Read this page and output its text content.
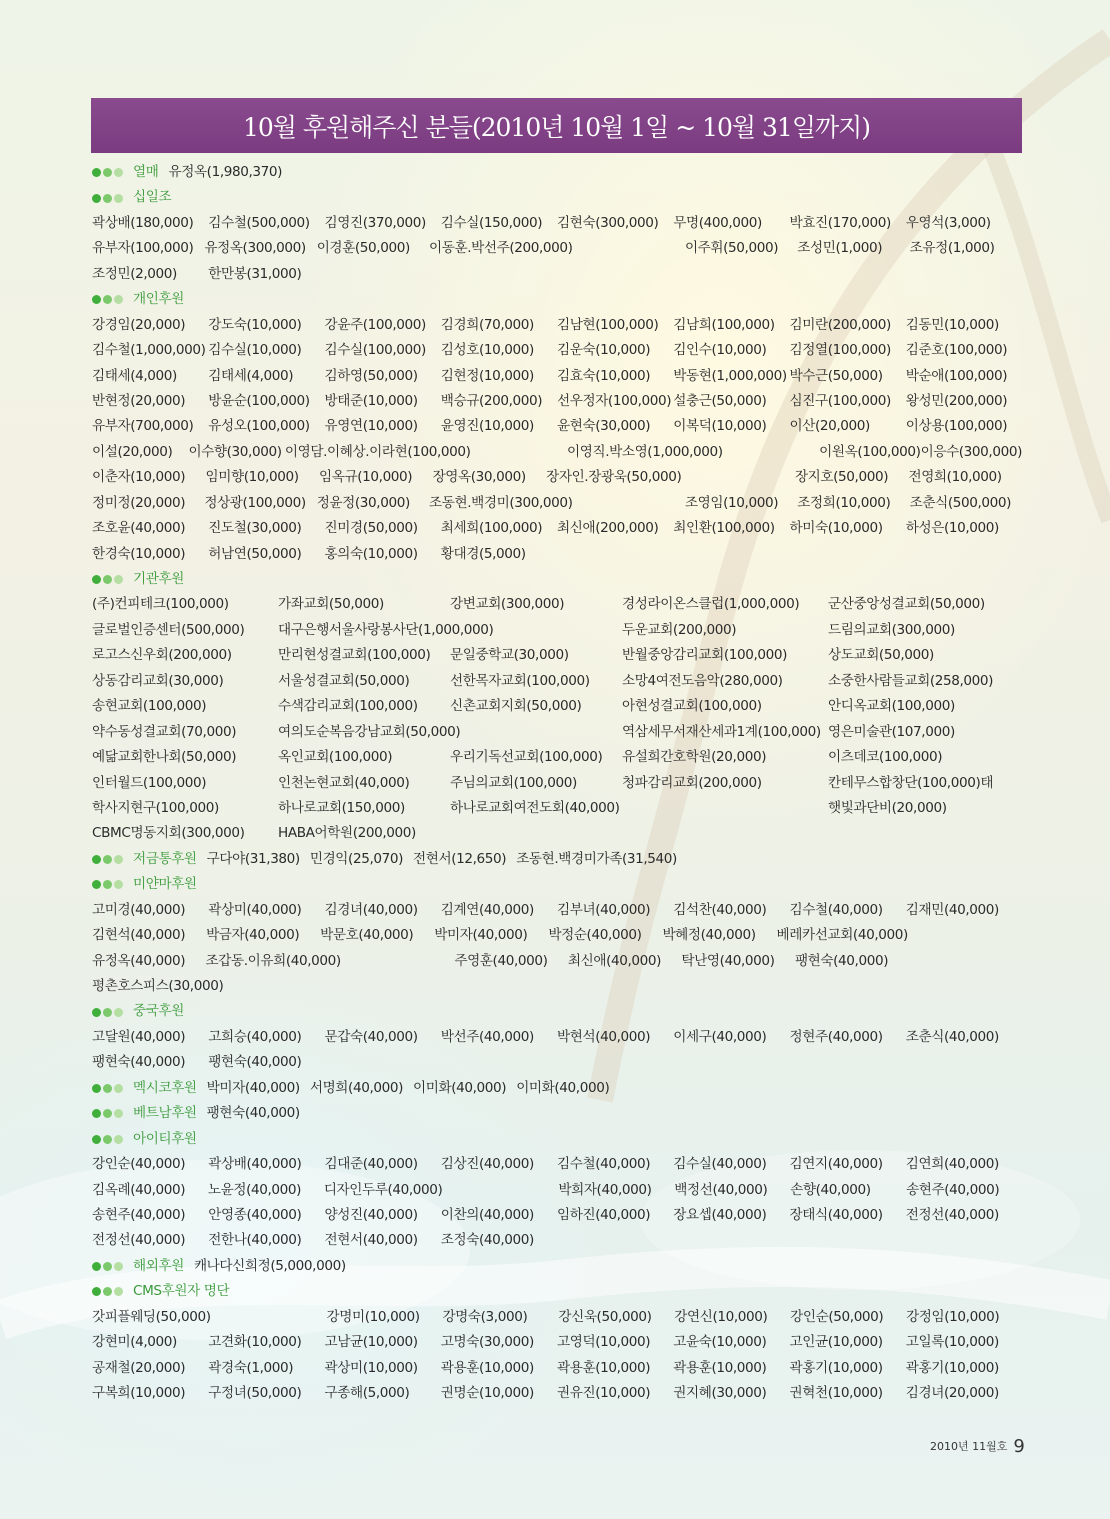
10월 후원해주신 분들(2010년 10월 1일 ~ 10월 31일까지)
열매 유정옥(1,980,370)
십일조
곽상배(180,000)	김수철(500,000)	김영진(370,000)	김수실(150,000)	김현숙(300,000)	무명(400,000)	박효진(170,000)	우영석(3,000)
유부자(100,000) 유정옥(300,000) 이경훈(50,000)	이동훈.박선주(200,000)	이주휘(50,000)	조성민(1,000)	조유정(1,000)
조정민(2,000)	한만봉(31,000)
개인후원
강경임(20,000)	강도숙(10,000)	강윤주(100,000)	김경희(70,000)	김남현(100,000)	김남희(100,000)	김미란(200,000)	김동민(10,000)
김수철(1,000,000) 김수실(10,000)	김수실(100,000)	김성호(10,000)	김운숙(10,000)	김인수(10,000)	김정열(100,000)	김준호(100,000)
김태세(4,000)	김태세(4,000)	김하영(50,000)	김현정(10,000)	김효숙(10,000)	박동현(1,000,000) 박수근(50,000)	박순애(100,000)
반현정(20,000)	방윤순(100,000)	방태준(10,000)	백승규(200,000)	선우정자(100,000) 설충근(50,000)	심진구(100,000)	왕성민(200,000)
유부자(700,000)	유성오(100,000)	유영연(10,000)	윤영진(10,000)	윤현숙(30,000)	이복덕(10,000)	이산(20,000)	이상용(100,000)
이설(20,000)	이수향(30,000) 이영담.이혜상.이라현(100,000)	이영직.박소영(1,000,000)	이원옥(100,000) 이응수(300,000)
이춘자(10,000)	임미향(10,000)	임옥규(10,000)	장영옥(30,000)	장자인.장광욱(50,000)	장지호(50,000)	전영희(10,000)
정미정(20,000)	정상광(100,000) 정윤정(30,000)	조동현.백경미(300,000)	조영임(10,000)	조정희(10,000)	조춘식(500,000)
조호윤(40,000)	진도철(30,000)	진미경(50,000)	최세희(100,000)	최신애(200,000)	최인환(100,000)	하미숙(10,000)	하성은(10,000)
한경숙(10,000)	허남연(50,000)	홍의숙(10,000)	황대경(5,000)
기관후원
(주)컨피테크(100,000)	가좌교회(50,000)	강변교회(300,000)	경성라이온스클럽(1,000,000)	군산중앙성결교회(50,000)
글로벌인증센터(500,000)	대구은행서울사랑봉사단(1,000,000)	두운교회(200,000)	드림의교회(300,000)
로고스신우회(200,000)	만리현성결교회(100,000)	문일중학교(30,000)	반월중앙감리교회(100,000)	상도교회(50,000)
상동감리교회(30,000)	서울성결교회(50,000)	선한목자교회(100,000)	소망4여전도음악(280,000)	소중한사람들교회(258,000)
송현교회(100,000)	수색감리교회(100,000)	신촌교회지회(50,000)	아현성결교회(100,000)	안디옥교회(100,000)
약수동성결교회(70,000)	여의도순복음강남교회(50,000)	역삼세무서재산세과1계(100,000) 영은미술관(107,000)
예닮교회한나회(50,000)	옥인교회(100,000)	우리기독선교회(100,000)	유설희간호학원(20,000)	이츠데코(100,000)
인터월드(100,000)	인천논현교회(40,000)	주님의교회(100,000)	청파감리교회(200,000)	칸테무스합창단(100,000)태
학사지현구(100,000)	하나로교회(150,000)	하나로교회여전도회(40,000)	햇빛과단비(20,000)
CBMC명동지회(300,000)	HABA어학원(200,000)
저금통후원 구다야(31,380) 민경익(25,070) 전현서(12,650) 조동현.백경미가족(31,540)
미얀마후원
고미경(40,000)	곽상미(40,000)	김경녀(40,000)	김계연(40,000)	김부녀(40,000)	김석찬(40,000)	김수철(40,000)	김재민(40,000)
김현석(40,000)	박금자(40,000)	박문호(40,000)	박미자(40,000)	박정순(40,000)	박혜정(40,000)	베레카선교회(40,000)
유정옥(40,000)	조갑동.이유희(40,000)	주영훈(40,000)	최신애(40,000)	탁난영(40,000)	팽현숙(40,000)
평촌호스피스(30,000)
중국후원
고달원(40,000)	고희승(40,000)	문갑숙(40,000)	박선주(40,000)	박현석(40,000)	이세구(40,000)	정현주(40,000)	조춘식(40,000)
팽현숙(40,000)	팽현숙(40,000)
멕시코후원 박미자(40,000) 서명희(40,000) 이미화(40,000) 이미화(40,000)
베트남후원 팽현숙(40,000)
아이티후원
강인순(40,000)	곽상배(40,000)	김대준(40,000)	김상진(40,000)	김수철(40,000)	김수실(40,000)	김연지(40,000)	김연희(40,000)
김옥례(40,000)	노윤정(40,000)	디자인두루(40,000)	박희자(40,000)	백정선(40,000)	손향(40,000)	송현주(40,000)
송현주(40,000)	안영종(40,000)	양성진(40,000)	이찬의(40,000)	임하진(40,000)	장요셉(40,000)	장태식(40,000)	전정선(40,000)
전정선(40,000)	전한나(40,000)	전현서(40,000)	조정숙(40,000)
해외후원 캐나다신희정(5,000,000)
CMS후원자 명단
갓피플웨딩(50,000)	강명미(10,000)	강명숙(3,000)	강신욱(50,000)	강연신(10,000)	강인순(50,000)	강정임(10,000)
강현미(4,000)	고견화(10,000)	고남균(10,000)	고명숙(30,000)	고영덕(10,000)	고윤숙(10,000)	고인균(10,000)	고일록(10,000)
공재철(20,000)	곽경숙(1,000)	곽상미(10,000)	곽용훈(10,000)	곽용훈(10,000)	곽용훈(10,000)	곽홍기(10,000)	곽홍기(10,000)
구복희(10,000)	구정녀(50,000)	구종해(5,000)	권명순(10,000)	권유진(10,000)	권지혜(30,000)	권혁천(10,000)	김경녀(20,000)
2010년 11월호 9
